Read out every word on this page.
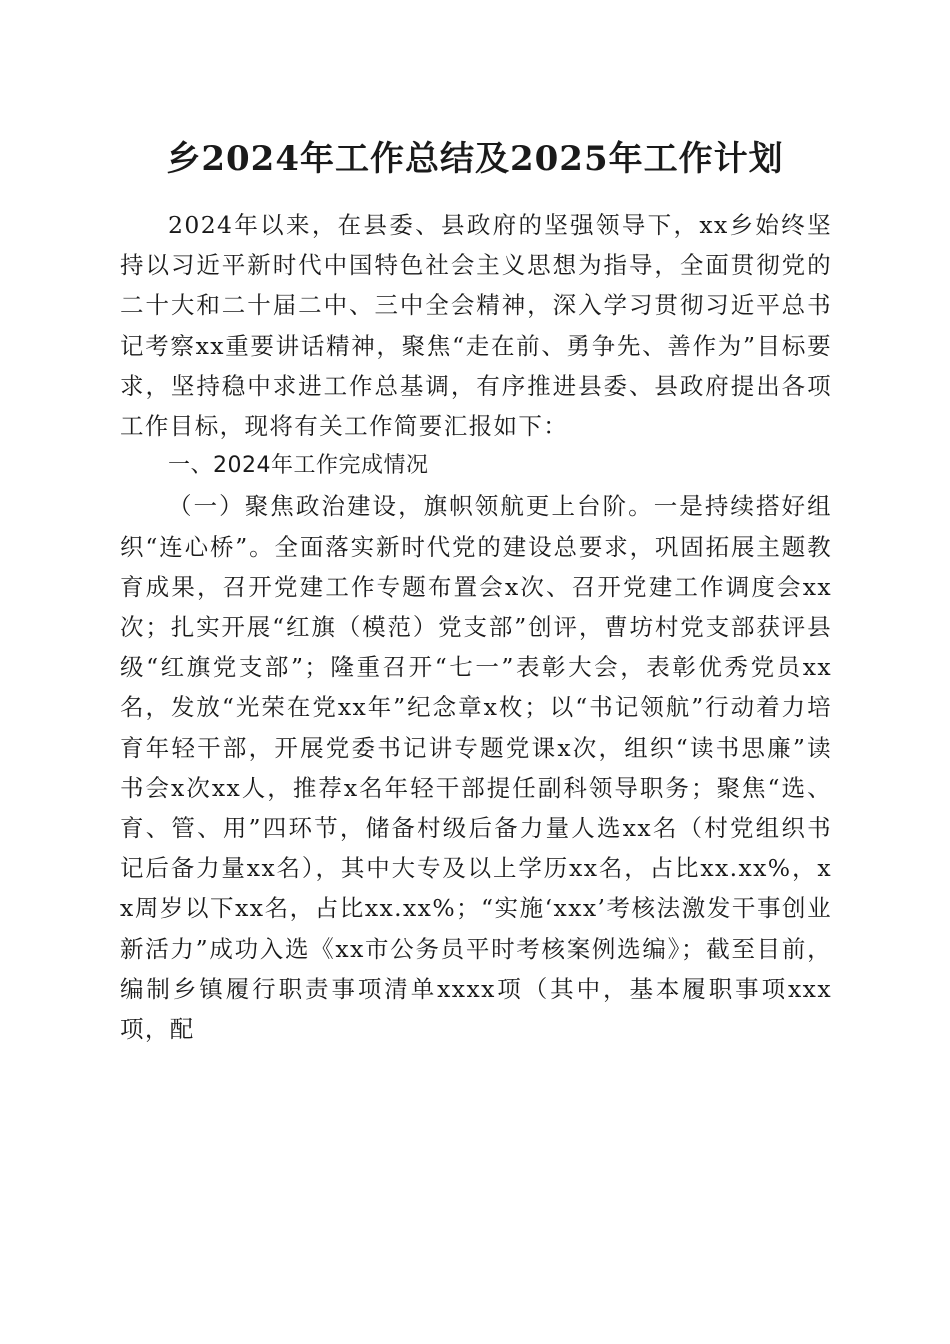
乡2024年工作总结及2025年工作计划

2024年以来，在县委、县政府的坚强领导下，xx乡始终坚持以习近平新时代中国特色社会主义思想为指导，全面贯彻党的二十大和二十届二中、三中全会精神，深入学习贯彻习近平总书记考察xx重要讲话精神，聚焦“走在前、勇争先、善作为”目标要求，坚持稳中求进工作总基调，有序推进县委、县政府提出各项工作目标，现将有关工作简要汇报如下：

一、2024年工作完成情况

（一）聚焦政治建设，旗帜领航更上台阶。一是持续搭好组织“连心桥”。全面落实新时代党的建设总要求，巩固拓展主题教育成果，召开党建工作专题布置会x次、召开党建工作调度会xx次；扎实开展“红旗（模范）党支部”创评，曹坊村党支部获评县级“红旗党支部”；隆重召开“七一”表彰大会，表彰优秀党员xx名，发放“光荣在党xx年”纪念章x枚；以“书记领航”行动着力培育年轻干部，开展党委书记讲专题党课x次，组织“读书思廉”读书会x次xx人，推荐x名年轻干部提任副科领导职务；聚焦“选、育、管、用”四环节，储备村级后备力量人选xx名（村党组织书记后备力量xx名），其中大专及以上学历xx名，占比xx.xx%，xx周岁以下xx名，占比xx.xx%；“实施‘xxx’考核法激发干事创业新活力”成功入选《xx市公务员平时考核案例选编》；截至目前，编制乡镇履行职责事项清单xxxx项（其中，基本履职事项xxx项，配
